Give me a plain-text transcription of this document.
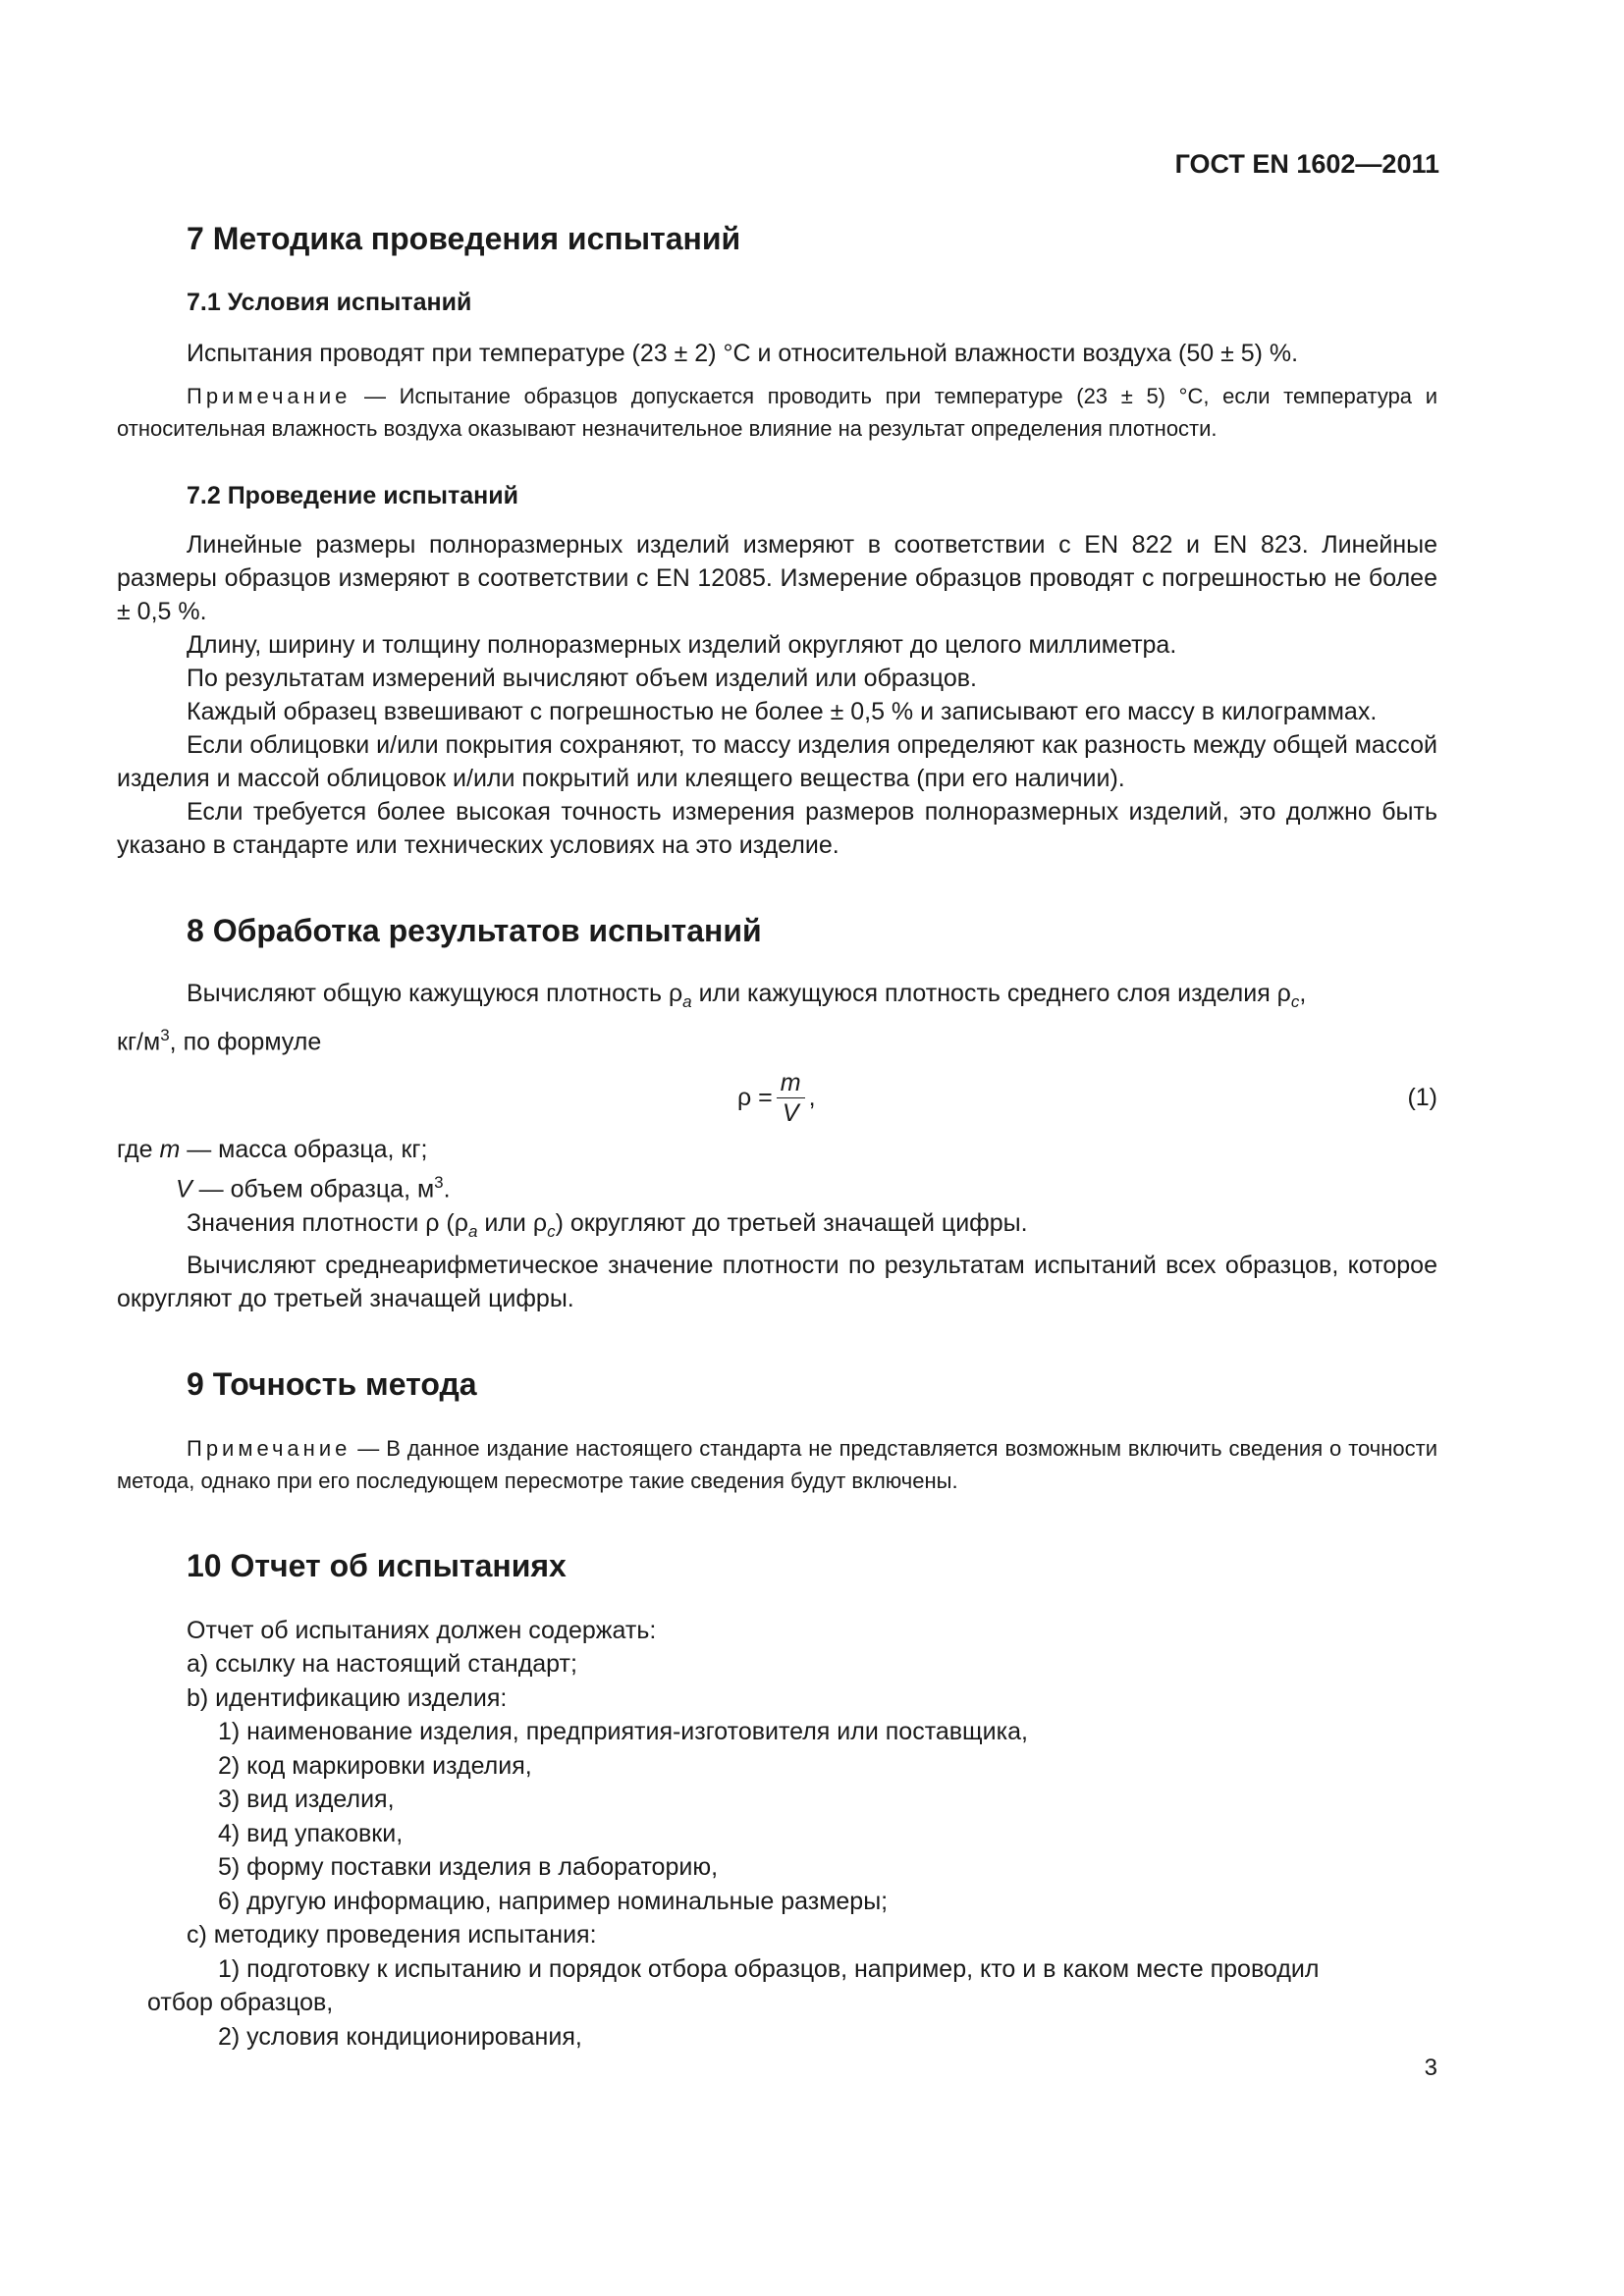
ГОСТ EN 1602—2011
7 Методика проведения испытаний
7.1 Условия испытаний

Испытания проводят при температуре (23 ± 2) °С и относительной влажности воздуха (50 ± 5) %.

Примечание — Испытание образцов допускается проводить при температуре (23 ± 5) °С, если температура и относительная влажность воздуха оказывают незначительное влияние на результат определения плотности.

7.2 Проведение испытаний

Линейные размеры полноразмерных изделий измеряют в соответствии с EN 822 и EN 823. Линейные размеры образцов измеряют в соответствии с EN 12085. Измерение образцов проводят с погрешностью не более ± 0,5 %.

Длину, ширину и толщину полноразмерных изделий округляют до целого миллиметра.

По результатам измерений вычисляют объем изделий или образцов.

Каждый образец взвешивают с погрешностью не более ± 0,5 % и записывают его массу в килограммах.

Если облицовки и/или покрытия сохраняют, то массу изделия определяют как разность между общей массой изделия и массой облицовок и/или покрытий или клеящего вещества (при его наличии).

Если требуется более высокая точность измерения размеров полноразмерных изделий, это должно быть указано в стандарте или технических условиях на это изделие.

8 Обработка результатов испытаний

Вычисляют общую кажущуюся плотность $\rho_a$ или кажущуюся плотность среднего слоя изделия $\rho_c$,

$кг/м^3$, по формуле

$\rho = \frac{m}{V}$ ,	(1)
где m — масса образца, кг;
V — объем образца, $м^3$.

Значения плотности ρ ($\rho_a$ или $\rho_c$) округляют до третьей значащей цифры.

Вычисляют среднеарифметическое значение плотности по результатам испытаний всех образцов, которое округляют до третьей значащей цифры.

9 Точность метода

Примечание — В данное издание настоящего стандарта не представляется возможным включить сведения о точности метода, однако при его последующем пересмотре такие сведения будут включены.

10 Отчет об испытаниях
Отчет об испытаниях должен содержать:
a) ссылку на настоящий стандарт;
b) идентификацию изделия:
1) наименование изделия, предприятия-изготовителя или поставщика,
2) код маркировки изделия,
3) вид изделия,
4) вид упаковки,
5) форму поставки изделия в лабораторию,
6) другую информацию, например номинальные размеры;
c) методику проведения испытания:
1) подготовку к испытанию и порядок отбора образцов, например, кто и в каком месте проводил
отбор образцов,
2) условия кондиционирования,
3
